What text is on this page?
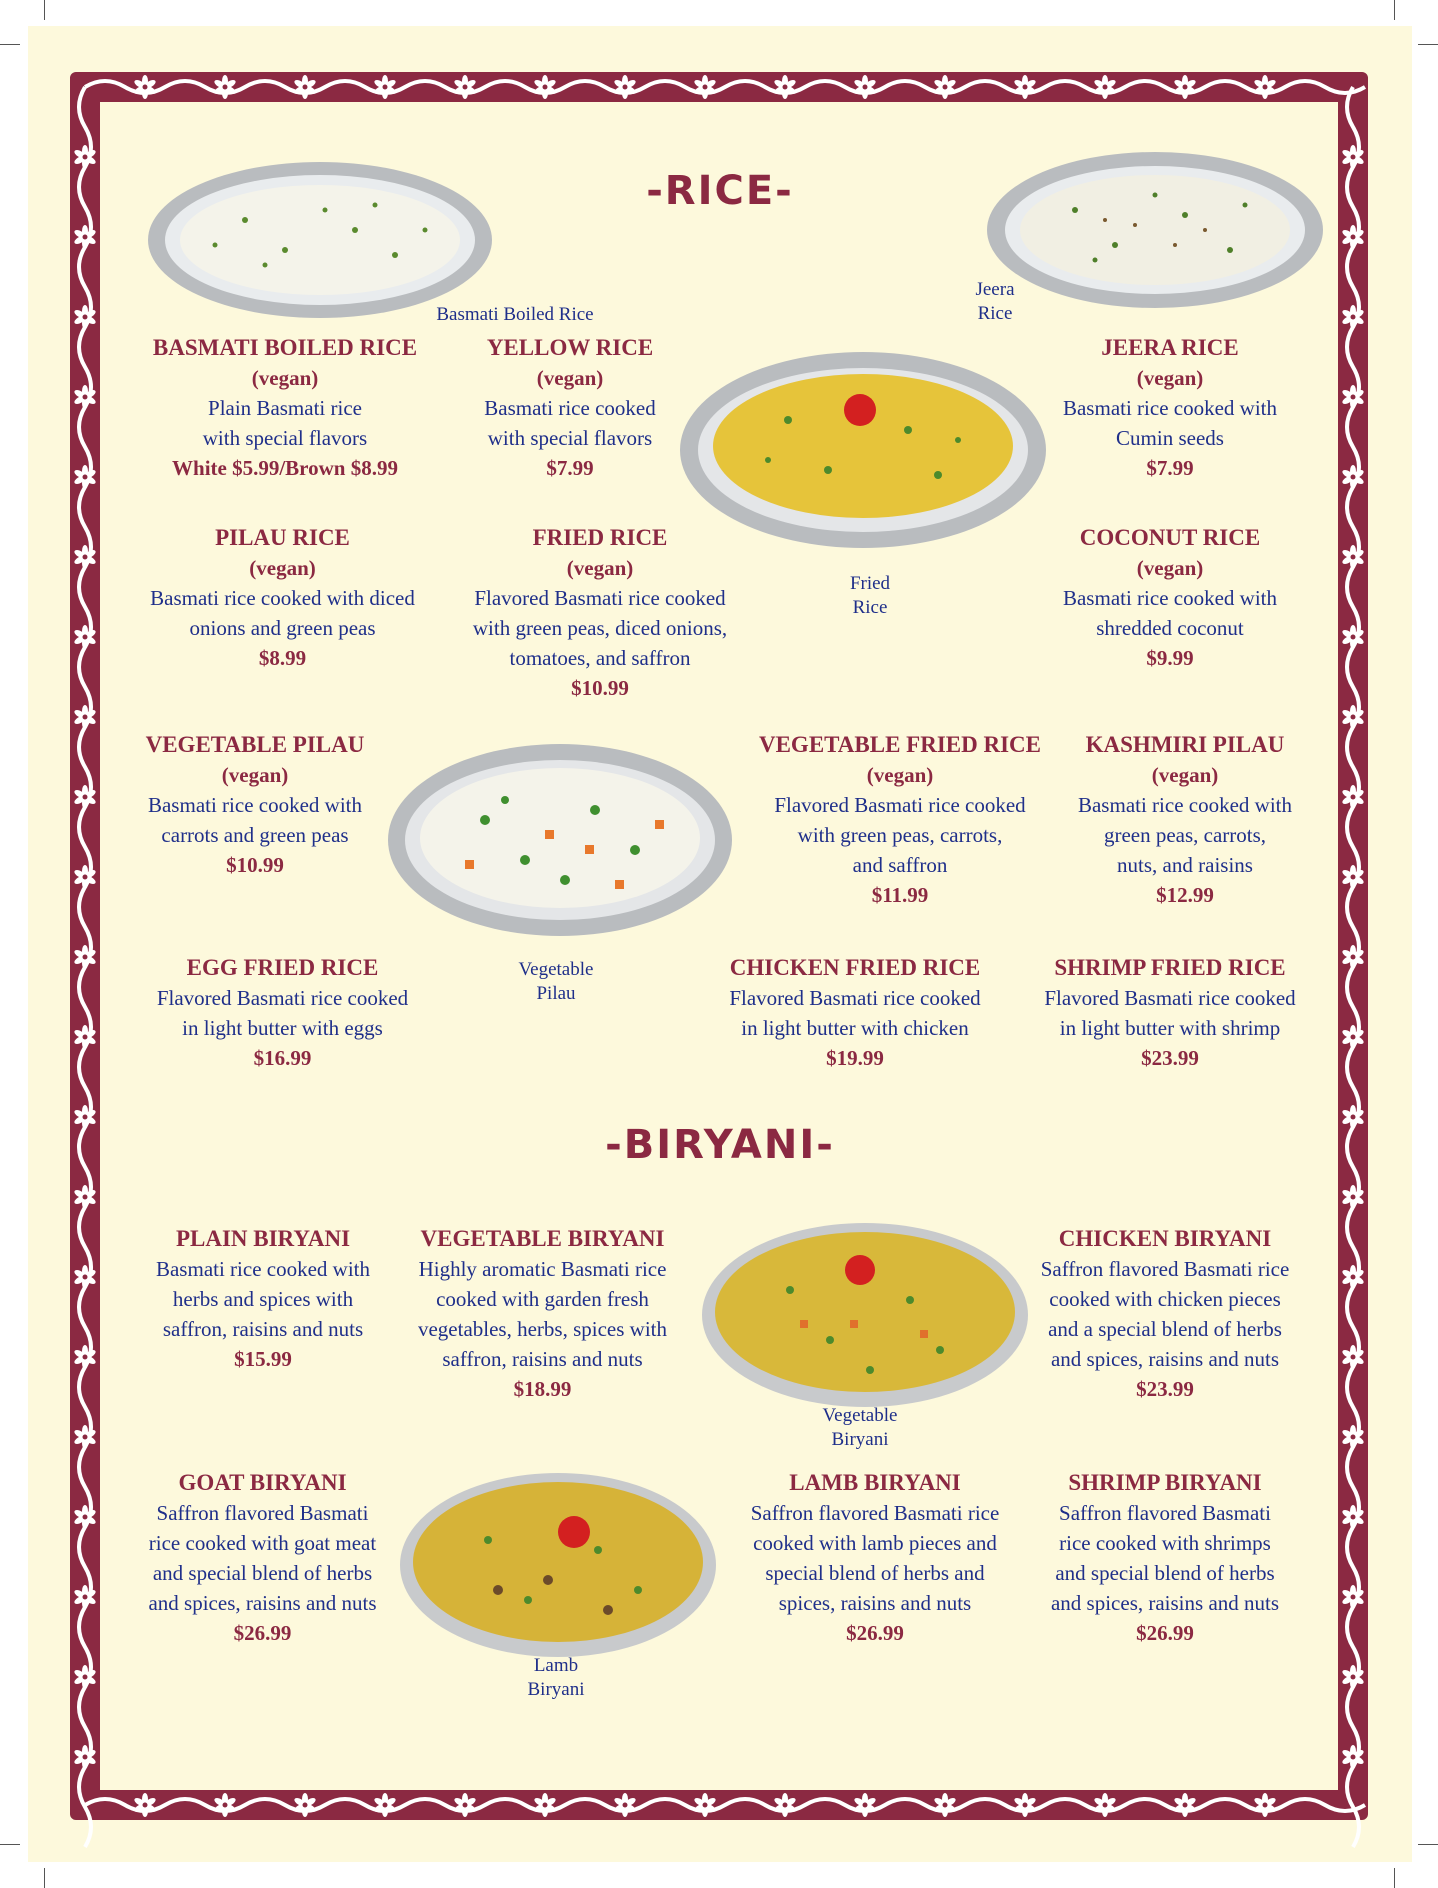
-RICE-
-BIRYANI-
Basmati Boiled Rice
Jeera
Rice
Fried
Rice
Vegetable
Pilau
Vegetable
Biryani
Lamb
Biryani
BASMATI BOILED RICE
(vegan)
Plain Basmati rice
with special flavors
White $5.99/Brown $8.99
YELLOW RICE
(vegan)
Basmati rice cooked
with special flavors
$7.99
JEERA RICE
(vegan)
Basmati rice cooked with
Cumin seeds
$7.99
PILAU RICE
(vegan)
Basmati rice cooked with diced
onions and green peas
$8.99
FRIED RICE
(vegan)
Flavored Basmati rice cooked
with green peas, diced onions,
tomatoes, and saffron
$10.99
COCONUT RICE
(vegan)
Basmati rice cooked with
shredded coconut
$9.99
VEGETABLE PILAU
(vegan)
Basmati rice cooked with
carrots and green peas
$10.99
VEGETABLE FRIED RICE
(vegan)
Flavored Basmati rice cooked
with green peas, carrots,
and saffron
$11.99
KASHMIRI PILAU
(vegan)
Basmati rice cooked with
green peas, carrots,
nuts, and raisins
$12.99
EGG FRIED RICE
Flavored Basmati rice cooked
in light butter with eggs
$16.99
CHICKEN FRIED RICE
Flavored Basmati rice cooked
in light butter with chicken
$19.99
SHRIMP FRIED RICE
Flavored Basmati rice cooked
in light butter with shrimp
$23.99
PLAIN BIRYANI
Basmati rice cooked with
herbs and spices with
saffron, raisins and nuts
$15.99
VEGETABLE BIRYANI
Highly aromatic Basmati rice
cooked with garden fresh
vegetables, herbs, spices with
saffron, raisins and nuts
$18.99
CHICKEN BIRYANI
Saffron flavored Basmati rice
cooked with chicken pieces
and a special blend of herbs
and spices, raisins and nuts
$23.99
GOAT BIRYANI
Saffron flavored Basmati
rice cooked with goat meat
and special blend of herbs
and spices, raisins and nuts
$26.99
LAMB BIRYANI
Saffron flavored Basmati rice
cooked with lamb pieces and
special blend of herbs and
spices, raisins and nuts
$26.99
SHRIMP BIRYANI
Saffron flavored Basmati
rice cooked with shrimps
and special blend of herbs
and spices, raisins and nuts
$26.99
